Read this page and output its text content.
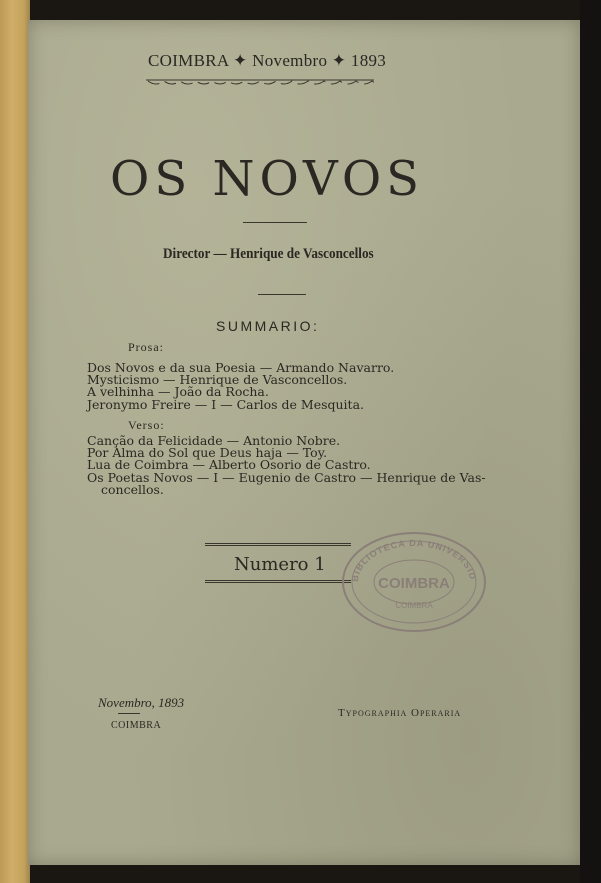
COIMBRA ✦ Novembro ✦ 1893
OS NOVOS
Director — Henrique de Vasconcellos
SUMMARIO:
Prosa:
Dos Novos e da sua Poesia — Armando Navarro.
Mysticismo — Henrique de Vasconcellos.
A velhinha — João da Rocha.
Jeronymo Freire — I — Carlos de Mesquita.
Verso:
Canção da Felicidade — Antonio Nobre.
Por Alma do Sol que Deus haja — Toy.
Lua de Coimbra — Alberto Osorio de Castro.
Os Poetas Novos — I — Eugenio de Castro — Henrique de Vas-
concellos.
Numero 1
BIBLIOTECA DA UNIVERSID
COIMBRA
COIMBRA
Novembro, 1893
COIMBRA
Typographia Operaria
